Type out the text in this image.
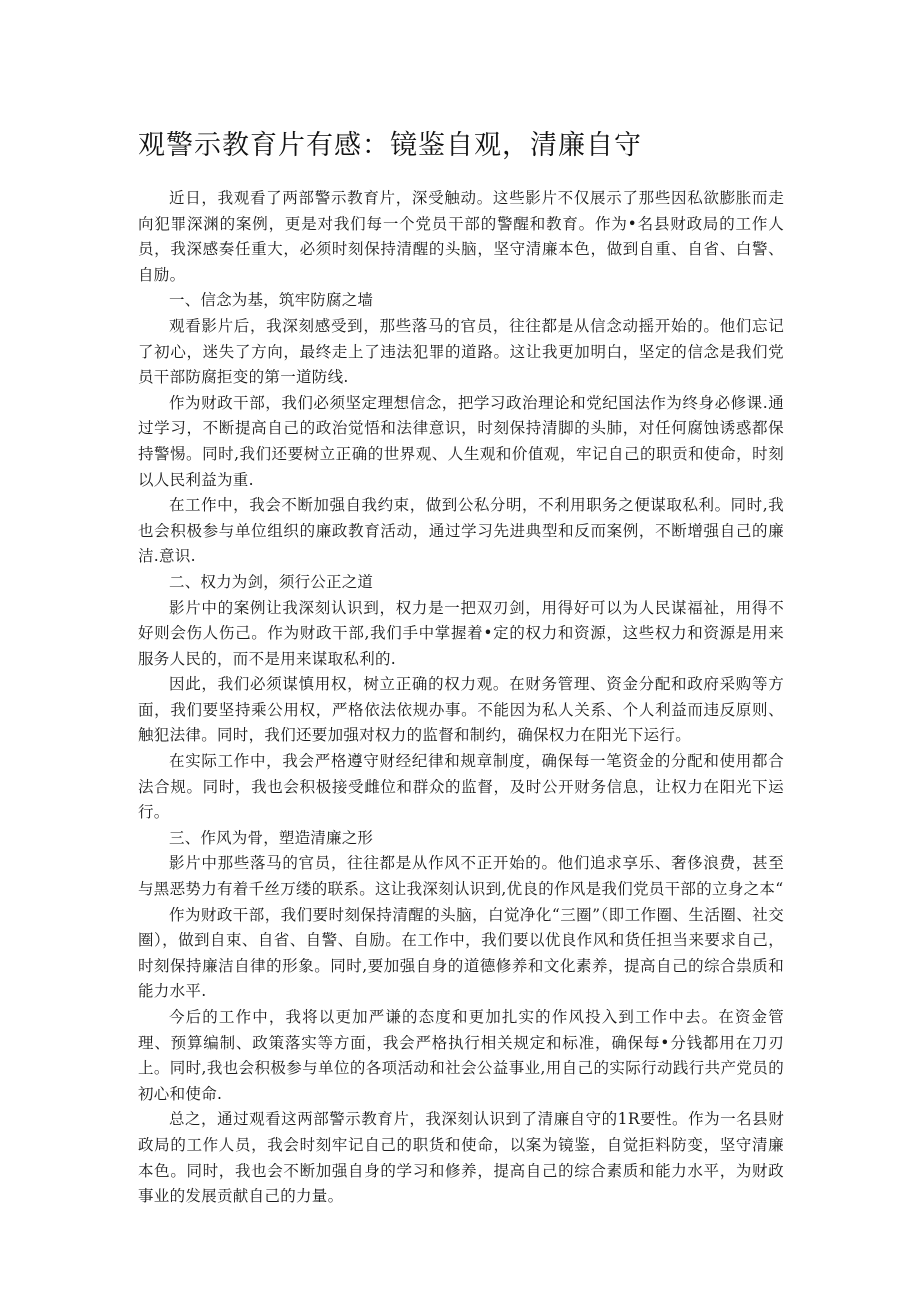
观警示教育片有感：镜鉴自观，清廉自守

近日，我观看了两部警示教育片，深受触动。这些影片不仅展示了那些因私欲膨胀而走向犯罪深渊的案例，更是对我们每一个党员干部的警醒和教育。作为•名县财政局的工作人员，我深感奏任重大，必须时刻保持清醒的头脑，坚守清廉本色，做到自重、自省、白警、自励。

一、信念为基，筑牢防腐之墙

观看影片后，我深刻感受到，那些落马的官员，往往都是从信念动摇开始的。他们忘记了初心，迷失了方向，最终走上了违法犯罪的道路。这让我更加明白，坚定的信念是我们党员干部防腐拒变的第一道防线.

作为财政干部，我们必须坚定理想信念，把学习政治理论和党纪国法作为终身必修课.通过学习，不断提高自己的政治觉悟和法律意识，时刻保持清脚的头肺，对任何腐蚀诱惑都保持警惕。同时,我们还要树立正确的世界观、人生观和价值观，牢记自己的职贡和使命，时刻以人民利益为重.

在工作中，我会不断加强自我约束，做到公私分明，不利用职务之便谋取私利。同时,我也会积极参与单位组织的廉政教育活动，通过学习先进典型和反而案例，不断增强自己的廉洁.意识.

二、权力为剑，须行公正之道

影片中的案例让我深刻认识到，权力是一把双刃剑，用得好可以为人民谋福祉，用得不好则会伤人伤己。作为财政干部,我们手中掌握着•定的权力和资源，这些权力和资源是用来服务人民的，而不是用来谋取私利的.

因此，我们必须谋慎用权，树立正确的权力观。在财务管理、资金分配和政府采购等方面，我们要坚持乘公用权，严格依法依规办事。不能因为私人关系、个人利益而违反原则、触犯法律。同时，我们还要加强对权力的监督和制约，确保权力在阳光下运行。

在实际工作中，我会严格遵守财经纪律和规章制度，确保每一笔资金的分配和使用都合法合规。同时，我也会积极接受雌位和群众的监督，及时公开财务信息，让权力在阳光下运行。

三、作风为骨，塑造清廉之形

影片中那些落马的官员，往往都是从作风不正开始的。他们追求享乐、奢侈浪费，甚至与黑恶势力有着千丝万缕的联系。这让我深刻认识到,优良的作风是我们党员干部的立身之本“

作为财政干部，我们要时刻保持清醒的头脑，白觉净化“三圈”（即工作圈、生活圈、社交圈），做到自束、自省、自警、自励。在工作中，我们要以优良作风和货任担当来要求自己，时刻保持廉洁自律的形象。同时,要加强自身的道德修养和文化素养，提高自己的综合祟质和能力水平.

今后的工作中，我将以更加严谦的态度和更加扎实的作风投入到工作中去。在资金管理、预算编制、政策落实等方面，我会严格执行相关规定和标准，确保每•分钱都用在刀刃上。同时,我也会积极参与单位的各项活动和社会公益事业,用自己的实际行动践行共产党员的初心和使命.

总之，通过观看这两部警示教育片，我深刻认识到了清廉自守的1R要性。作为一名县财政局的工作人员，我会时刻牢记自己的职货和使命，以案为镜鉴，自觉拒料防变，坚守清廉本色。同时，我也会不断加强自身的学习和修养，提高自己的综合素质和能力水平，为财政事业的发展贡献自己的力量。
